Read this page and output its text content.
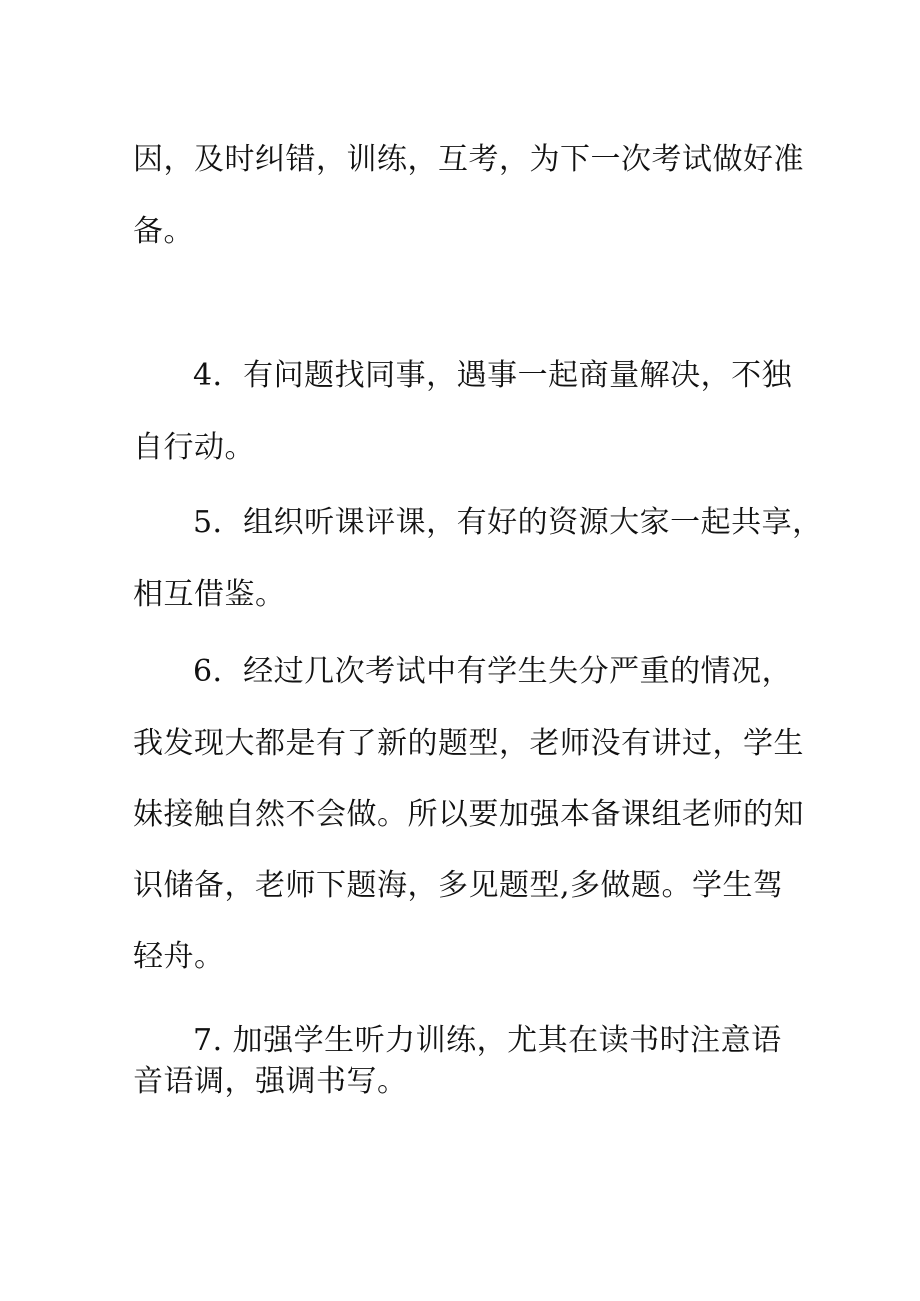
因，及时纠错，训练，互考，为下一次考试做好准
备。
4．有问题找同事，遇事一起商量解决，不独
自行动。
5．组织听课评课，有好的资源大家一起共享，
相互借鉴。
6．经过几次考试中有学生失分严重的情况，
我发现大都是有了新的题型，老师没有讲过，学生
妹接触自然不会做。所以要加强本备课组老师的知
识储备，老师下题海，多见题型,多做题。学生驾
轻舟。
7. 加强学生听力训练，尤其在读书时注意语
音语调，强调书写。
